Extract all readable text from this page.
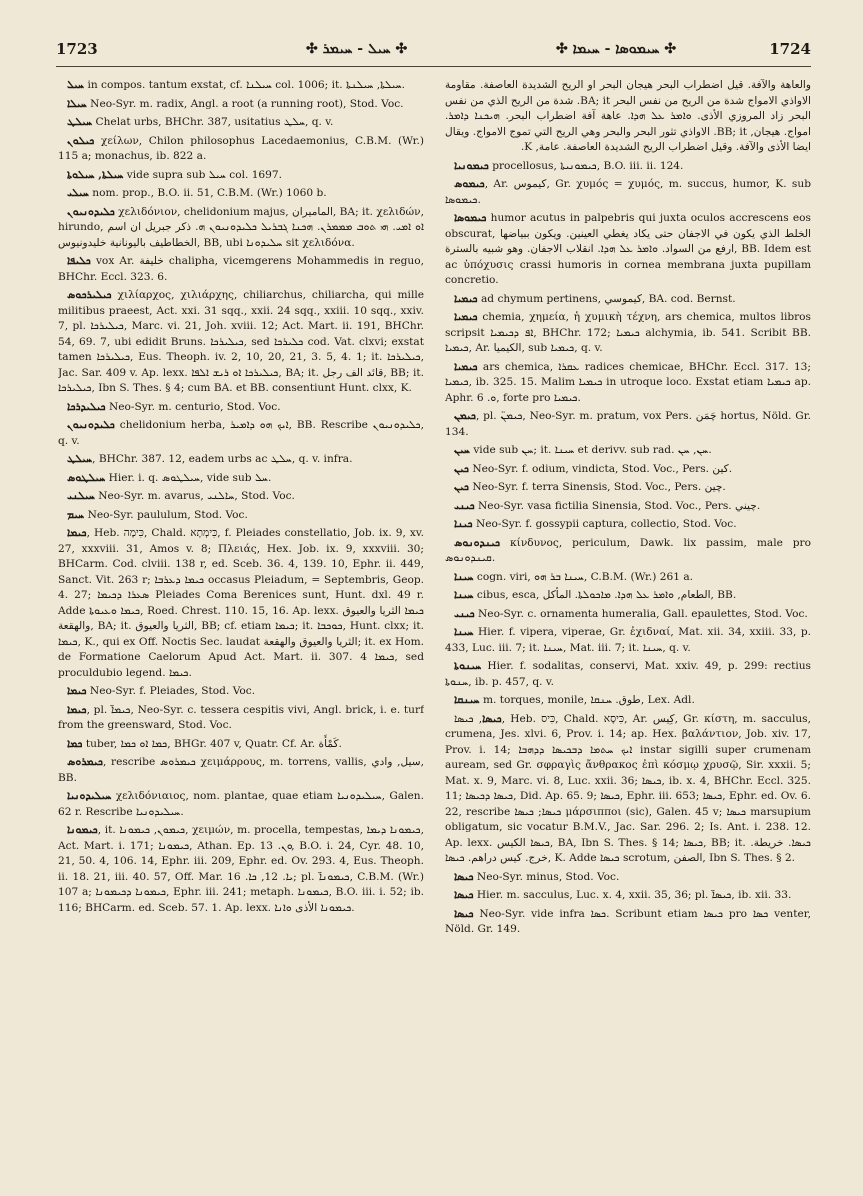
1723	✣ ܚܝܠ - ܚܝܡܪ ✣	✣ ܚܝܡܘܣܐ - ܚܝܡܐ ✣	1724

ܚܝܠ in compos. tantum exstat, cf. ܚܝܠܢܐ col. 1006; it. ܚܝܠܬܐ, ܚܝܠܢܬܐ.

ܚܝܠܐ Neo-Syr. m. radix, Angl. a root (a running root), Stod. Voc.

ܚܝܠܛ Chelat urbs, BHChr. 387, usitatius ܚܠܛ, q. v.

ܟܝܠܘܢ χείλων, Chilon philosophus Lacedaemonius, C.B.M. (Wr.) 115 a; monachus, ib. 822 a.

ܚܝܠܬܐ, ܚܝܠܘܬܐ vide supra sub ܚܝܠ col. 1697.

ܚܝܠܝ nom. prop., B.O. ii. 51, C.B.M. (Wr.) 1060 b.

ܟܠܝܕܘܢܝܘܢ χελιδόνιον, chelidonium majus, الماميران, BA; it. χελιδών, hirundo, ܐܘ ܐܡܝ. ܗܝ ܬܘܒ ܡܡܡܪܢ. ܗܟܢܐ ܓܒܪܝܠ ܟܠܝܕܘܢܝܘܢ ܗ. ذكر جبريل ان اسم الخطاطيف باليونانية خليدونيوس, BB, ubi ܚܠܝܕܘܢܐ sit χελιδόνα.

ܟܠܝܦܐ vox Ar. خليفة chalipha, vicemgerens Mohammedis in reguo, BHChr. Eccl. 323. 6.

ܟܝܠܝܪܟܘܣ χιλίαρχος, χιλιάρχης, chiliarchus, chiliarcha, qui mille militibus praeest, Act. xxi. 31 sqq., xxii. 24 sqq., xxiii. 10 sqq., xxiv. 7, pl. ܟܝܠܝܪܟܐ, Marc. vi. 21, Joh. xviii. 12; Act. Mart. ii. 191, BHChr. 54, 69. 7, ubi edidit Bruns. ܟܝܠܝܪܟܐ, sed ܟܠܝܪܟܐ cod. Vat. clxvi; exstat tamen ܟܝܠܝܪܟܐ, Eus. Theoph. iv. 2, 10, 20, 21, 3. 5, 4. 1; it. ܟܝܠܝܪܟܐ, Jac. Sar. 409 v. Ap. lexx. ܟܝܠܝܪܟܐ ܐܘ ܪܝܫ ܐܠܦܐ, BA; it. قائد الف رجل, BB; it. ܟܝܠܝܪܟܐ, Ibn S. Thes. § 4; cum BA. et BB. consentiunt Hunt. clxx, K.

ܟܝܠܝܕܪܟܐ Neo-Syr. m. centurio, Stod. Voc.

ܟܠܝܕܘܢܝܘܢ chelidonium herba, ܐܝܟ ܗܘ ܕܐܡܝܪ, BB. Rescribe ܟܠܝܕܘܢܝܘܢ, q. v.

ܚܝܠܛ, BHChr. 387. 12, eadem urbs ac ܚܠܛ, q. v. infra.

ܚܝܠܛܘܣ Hier. i. q. ܚܝܠܛܘܣ, vide sub ܚܠ.

ܚܝܠܢܝ Neo-Syr. m. avarus, ܚܐܠܢܝ, Stod. Voc.

ܚܝܡ Neo-Syr. paululum, Stod. Voc.

ܟܝܡܐ, Heb. כִּימָה, Chald. כִּימְתָא, f. Pleiades constellatio, Job. ix. 9, xv. 27, xxxviii. 31, Amos v. 8; Πλειάς, Hex. Job. ix. 9, xxxviii. 30; BHCarm. Cod. clviii. 138 r, ed. Sceb. 36. 4, 139. 10, Ephr. ii. 449, Sanct. Vit. 263 r; ܟܝܡܐ ܕܥܪܒܐ occasus Pleiadum, = Septembris, Geop. 4. 27; ܣܥܪܐ ܕܟܝܡܐ Pleiades Coma Berenices sunt, Hunt. dxl. 49 r. Adde ܟܝܡܐ ܘܥܝܘܬܐ, Roed. Chrest. 110. 15, 16. Ap. lexx. ܟܝܡܐ الثريا والعيوق والهقعة, BA; it. الثريا والعيوق, BB; cf. etiam ܟܝܡܐ; it. ܟܘܟܒܐ, Hunt. clxx; it. ܟܝܡܐ, K., qui ex Off. Noctis Sec. laudat الثريا والعيوق والهقعة; it. ex Hom. de Formatione Caelorum Apud Act. Mart. ii. 307. 4 ܟܝܡܐ, sed proculdubio legend. ܟܝܡܐ.

ܟܝܡܐ Neo-Syr. f. Pleiades, Stod. Voc.

ܟܝܡܐ, pl. ܟܝܡܐ̈, Neo-Syr. c. tessera cespitis vivi, Angl. brick, i. e. turf from the greensward, Stod. Voc.

ܟܡܐ tuber, ܟܡܐ ܐܘ ܟܡܐ, BHGr. 407 v, Quatr. Cf. Ar. كَمْأَة.

ܟܝܡܪܘܣ, rescribe ܟܝܡܪܘܣ χειμάρρους, m. torrens, vallis, سيل, وادي, BB.

ܚܝܠܝܕܘܢܝܐ χελιδόνιαιος, nom. plantae, quae etiam ܚܝܠܝܕܘܢܝܐ, Galen. 62 r. Rescribe ܚܝܠܝܕܘܢܝܐ.

ܟܝܡܘܢܐ, it. ܟܝܡܘܢ, ܟܝܡܘܢܐ, χειμών, m. procella, tempestas, ܟܝܡܘܢܐ ܕܝܡܐ, Act. Mart. i. 171; ܟܝܡܘܢܐ, Athan. Ep. ܘܢ. 13, B.O. i. 24, Cyr. 48. 10, 21, 50. 4, 106. 14, Ephr. iii. 209, Ephr. ed. Ov. 293. 4, Eus. Theoph. ii. 18. 21, iii. 40. 57, Off. Mar. ܝܐ. 12, ܟܐ. 16; pl. ܟܝܡܘܢܐ̈, C.B.M. (Wr.) 107 a; ܟܝܡܘܢܐ ܕܟܝܡܘܢܐ, Ephr. iii. 241; metaph. ܟܝܡܘܢܐ, B.O. iii. i. 52; ib. 116; BHCarm. ed. Sceb. 57. 1. Ap. lexx. ܟܝܡܘܢܐ الأذى ܘܐܢܐ.

والعاهة والآفة. قيل اضطراب البحر هيجان البحر او الريح الشديدة العاصفة. مقاومة الاواذي الامواج شدة من الريح من نفس البحر BA; it. شدة من الريح الذي من نفس البحر زاد المروزي الأذى. ܘܐܡܪ ܥܠ ܗܕܐ. عاهة آفة اضطراب البحر. ܗܝܟܢܐ ܕܐܡܪ. امواج. هيجان, BB; it. الاواذي تثور البحر والبحر وهي الريح التي تموج الامواج. ويقال ايضا الأذى والآفة. وقيل اضطراب الريح الشديدة العاصفة. عامة, K.

ܟܝܡܘܢܝܐ procellosus, ܟܝܡܘܢܝܬܐ, B.O. iii. ii. 124.

ܟܝܡܘܣ, Ar. كيموس, Gr. χυμός = χυμός, m. succus, humor, K. sub ܟܝܡܘܣܐ.

ܟܝܡܘܣܐ humor acutus in palpebris qui juxta oculos accrescens eos obscurat, الخلط الذي يكون في الاجفان حتى يكاد يغطي العينين. ويكون ببياضها ارفع من السواد. ܘܐܡܪ ܥܠ ܗܕܐ. انقلاب الاجفان. وهو شبيه بالسترة, BB. Idem est ac ὑπόχυσις crassi humoris in cornea membrana juxta pupillam concretio.

ܟܝܡܝܐ ad chymum pertinens, كيموسي, BA. cod. Bernst.

ܟܝܡܝܐ chemia, χημεία, ἡ χυμικὴ τέχνη, ars chemica, multos libros scripsit ܐܦ ܕܟܝܡܝܐ, BHChr. 172; ܟܝܡܝܐ alchymia, ib. 541. Scribit BB. ܟܝܡܝܐ, Ar. الكيميا, sub ܟܝܡܝܐ, q. v.

ܟܝܡܝܐ ars chemica, ܥܩܪܐ radices chemicae, BHChr. Eccl. 317. 13; ܟܝܡܝܐ, ib. 325. 15. Malim ܟܝܡܝܐ in utroque loco. Exstat etiam ܟܝܡܝܐ ap. Aphr. ܘ. 6, forte pro ܟܝܡܝܐ.

ܟܝܡܢ, pl. ܟܝܡܢ̈, Neo-Syr. m. pratum, vox Pers. چَمَن hortus, Nöld. Gr. 134.

ܚܝܢ vide sub ܚܢ; it. ܚܝܢܐ et derivv. sub rad. ܚܢ, ܚܢ.

ܟܝܢ Neo-Syr. f. odium, vindicta, Stod. Voc., Pers. كين.

ܟܝܢ Neo-Syr. f. terra Sinensis, Stod. Voc., Pers. چين.

ܟܝܢܝ Neo-Syr. vasa fictilia Sinensia, Stod. Voc., Pers. چيني.

ܟܝܢܐ Neo-Syr. f. gossypii captura, collectio, Stod. Voc.

ܟܝܢܕܘܢܘܣ κίνδυνος, periculum, Dawk. lix passim, male pro ܩܝܢܕܘܢܘܣ.

ܚܝܢܐ cogn. viri, ܚܝܢܐ ܒܪ ܗܘ, C.B.M. (Wr.) 261 a.

ܚܝܢܐ cibus, esca, الطعام, ܘܐܡܪ ܥܠ ܗܕܐ. ܡܐܟܘܠܬܐ. المأكل, BB.

ܟܝܢܝ Neo-Syr. c. ornamenta humeralia, Gall. epaulettes, Stod. Voc.

ܚܝܢܐ Hier. f. vipera, viperae, Gr. ἐχιδναί, Mat. xii. 34, xxiii. 33, p. 433, Luc. iii. 7; it. ܚܝܢܐ, Mat. iii. 7; it. ܚܝܢܐ, q. v.

ܚܝܢܘܬܐ Hier. f. sodalitas, conservi, Mat. xxiv. 49, p. 299: rectius ܚܢܘܬܐ, ib. p. 457, q. v.

ܚܝܢܩܐ m. torques, monile, طوق. ܚܢܩܐ, Lex. Adl.

ܟܝܣܐ, ܟܝܣܐ, Heb. כִּיס, Chald. כִּיסָא, Ar. كِيس, Gr. κίστη, m. sacculus, crumena, Jes. xlvi. 6, Prov. i. 14; ap. Hex. βαλάντιον, Job. xiv. 17, Prov. i. 14; ܐܝܟ ܚܬܡܐ ܕܒܟܝܣܐ ܕܕܗܒܐ instar sigilli super crumenam auream, sed Gr. σφραγὶς ἄνθρακος ἐπὶ κόσμῳ χρυσῷ, Sir. xxxii. 5; Mat. x. 9, Marc. vi. 8, Luc. xxii. 36; ܟܝܣܐ, ib. x. 4, BHChr. Eccl. 325. 11; ܟܝܣܐ ܕܟܝܣܐ, Did. Ap. 65. 9; ܟܝܣܐ, Ephr. iii. 653; ܟܝܣܐ, Ephr. ed. Ov. 6. 22, rescribe ܟܝܣܐ; ܟܝܣܐ μάρσιπποι (sic), Galen. 45 v; ܟܝܣܐ marsupium obligatum, sic vocatur B.M.V., Jac. Sar. 296. 2; Is. Ant. i. 238. 12. Ap. lexx. ܟܝܣܐ الكيس, BA, Ibn S. Thes. § 14; ܟܝܣܐ, BB; it. ܟܝܣܐ. خريطة. خرج. كيس دراهم. ܟܝܣܐ, K. Adde ܟܝܣܐ scrotum, الصفن, Ibn S. Thes. § 2.

ܟܝܣܐ Neo-Syr. minus, Stod. Voc.

ܟܝܣܐ Hier. m. sacculus, Luc. x. 4, xxii. 35, 36; pl. ܟܝܣܐ̈, ib. xii. 33.

ܟܝܣܐ Neo-Syr. vide infra ܟܣܐ. Scribunt etiam ܟܝܣܐ pro ܟܣܐ venter, Nöld. Gr. 149.
